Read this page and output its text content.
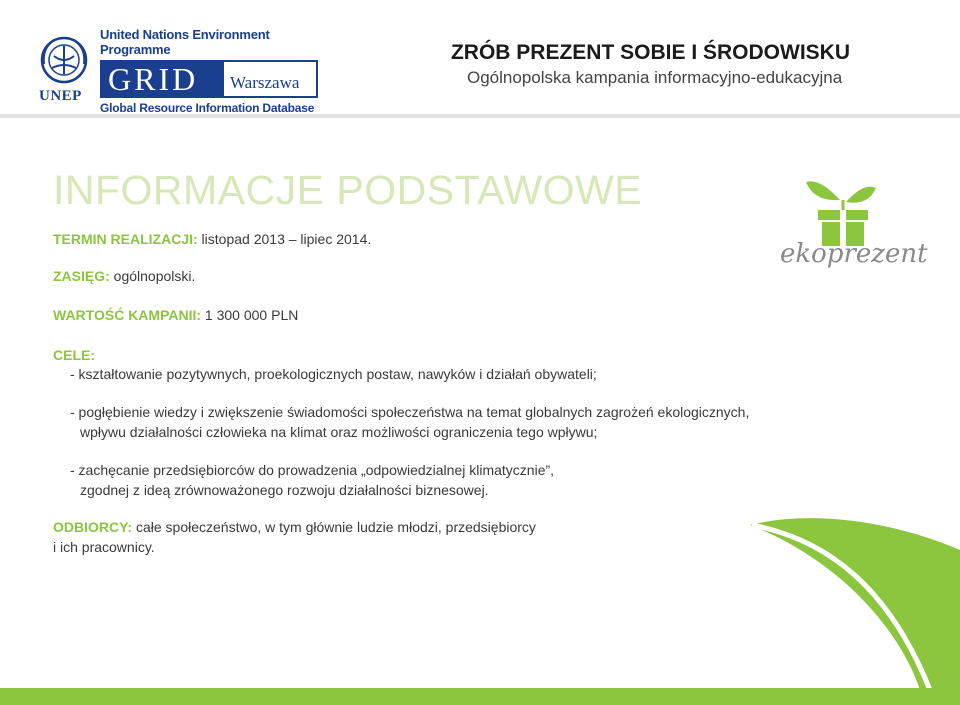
UNEP
United Nations Environment Programme
GRID	Warszawa
Global Resource Information Database
ZRÓB PREZENT SOBIE I ŚRODOWISKU
Ogólnopolska kampania informacyjno-edukacyjna
INFORMACJE PODSTAWOWE
TERMIN REALIZACJI: listopad 2013 – lipiec 2014.
ZASIĘG: ogólnopolski.
WARTOŚĆ KAMPANII: 1 300 000 PLN
CELE:
- kształtowanie pozytywnych, proekologicznych postaw, nawyków i działań obywateli;
- pogłębienie wiedzy i zwiększenie świadomości społeczeństwa na temat globalnych zagrożeń ekologicznych,
wpływu działalności człowieka na klimat oraz możliwości ograniczenia tego wpływu;
- zachęcanie przedsiębiorców do prowadzenia „odpowiedzialnej klimatycznie”,
zgodnej z ideą zrównoważonego rozwoju działalności biznesowej.
ODBIORCY: całe społeczeństwo, w tym głównie ludzie młodzi, przedsiębiorcy
i ich pracownicy.
ekoprezent
